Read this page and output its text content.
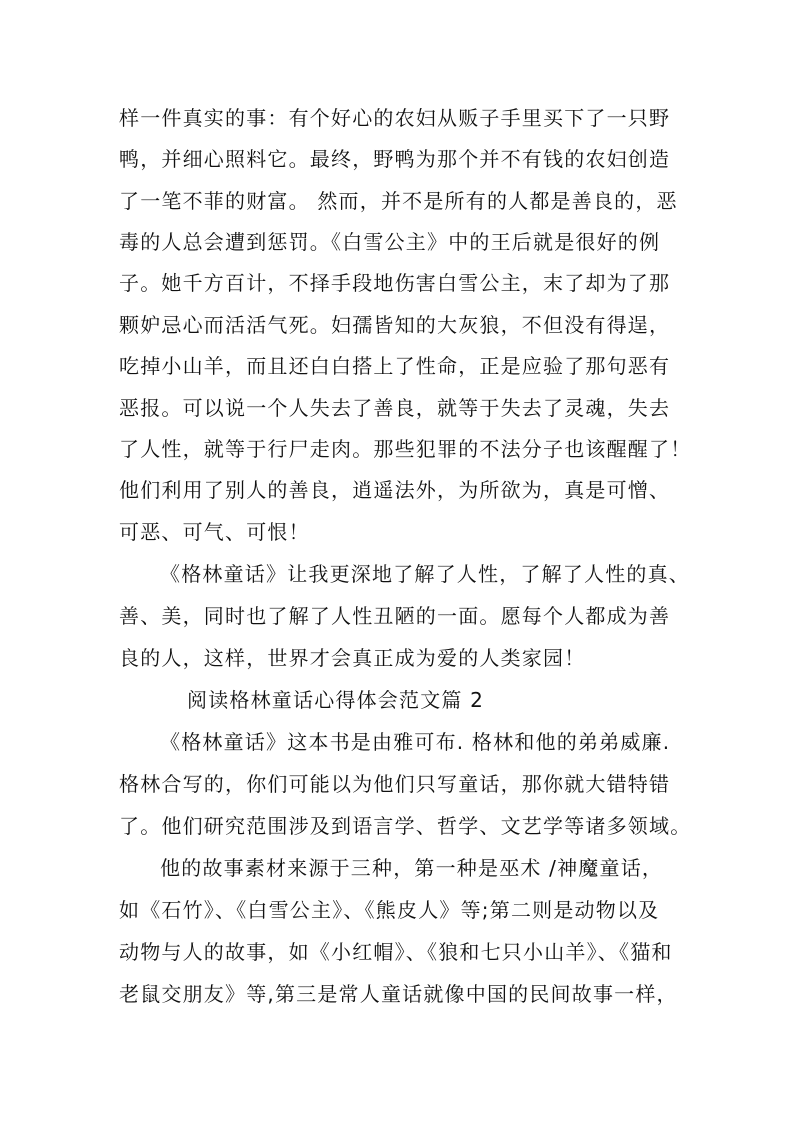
样一件真实的事：有个好心的农妇从贩子手里买下了一只野
鸭，并细心照料它。最终，野鸭为那个并不有钱的农妇创造
了一笔不菲的财富。 然而，并不是所有的人都是善良的，恶
毒的人总会遭到惩罚。《白雪公主》中的王后就是很好的例
子。她千方百计，不择手段地伤害白雪公主，末了却为了那
颗妒忌心而活活气死。妇孺皆知的大灰狼，不但没有得逞，
吃掉小山羊，而且还白白搭上了性命，正是应验了那句恶有
恶报。可以说一个人失去了善良，就等于失去了灵魂，失去
了人性，就等于行尸走肉。那些犯罪的不法分子也该醒醒了！
他们利用了别人的善良，逍遥法外，为所欲为，真是可憎、
可恶、可气、可恨！
《格林童话》让我更深地了解了人性，了解了人性的真、
善、美，同时也了解了人性丑陋的一面。愿每个人都成为善
良的人，这样，世界才会真正成为爱的人类家园！
阅读格林童话心得体会范文篇 2
《格林童话》这本书是由雅可布. 格林和他的弟弟威廉.
格林合写的，你们可能以为他们只写童话，那你就大错特错
了。他们研究范围涉及到语言学、哲学、文艺学等诸多领域。
他的故事素材来源于三种，第一种是巫术 /神魔童话，
如《石竹》、《白雪公主》、《熊皮人》等;第二则是动物以及
动物与人的故事，如《小红帽》、《狼和七只小山羊》、《猫和
老鼠交朋友》等,第三是常人童话就像中国的民间故事一样，
